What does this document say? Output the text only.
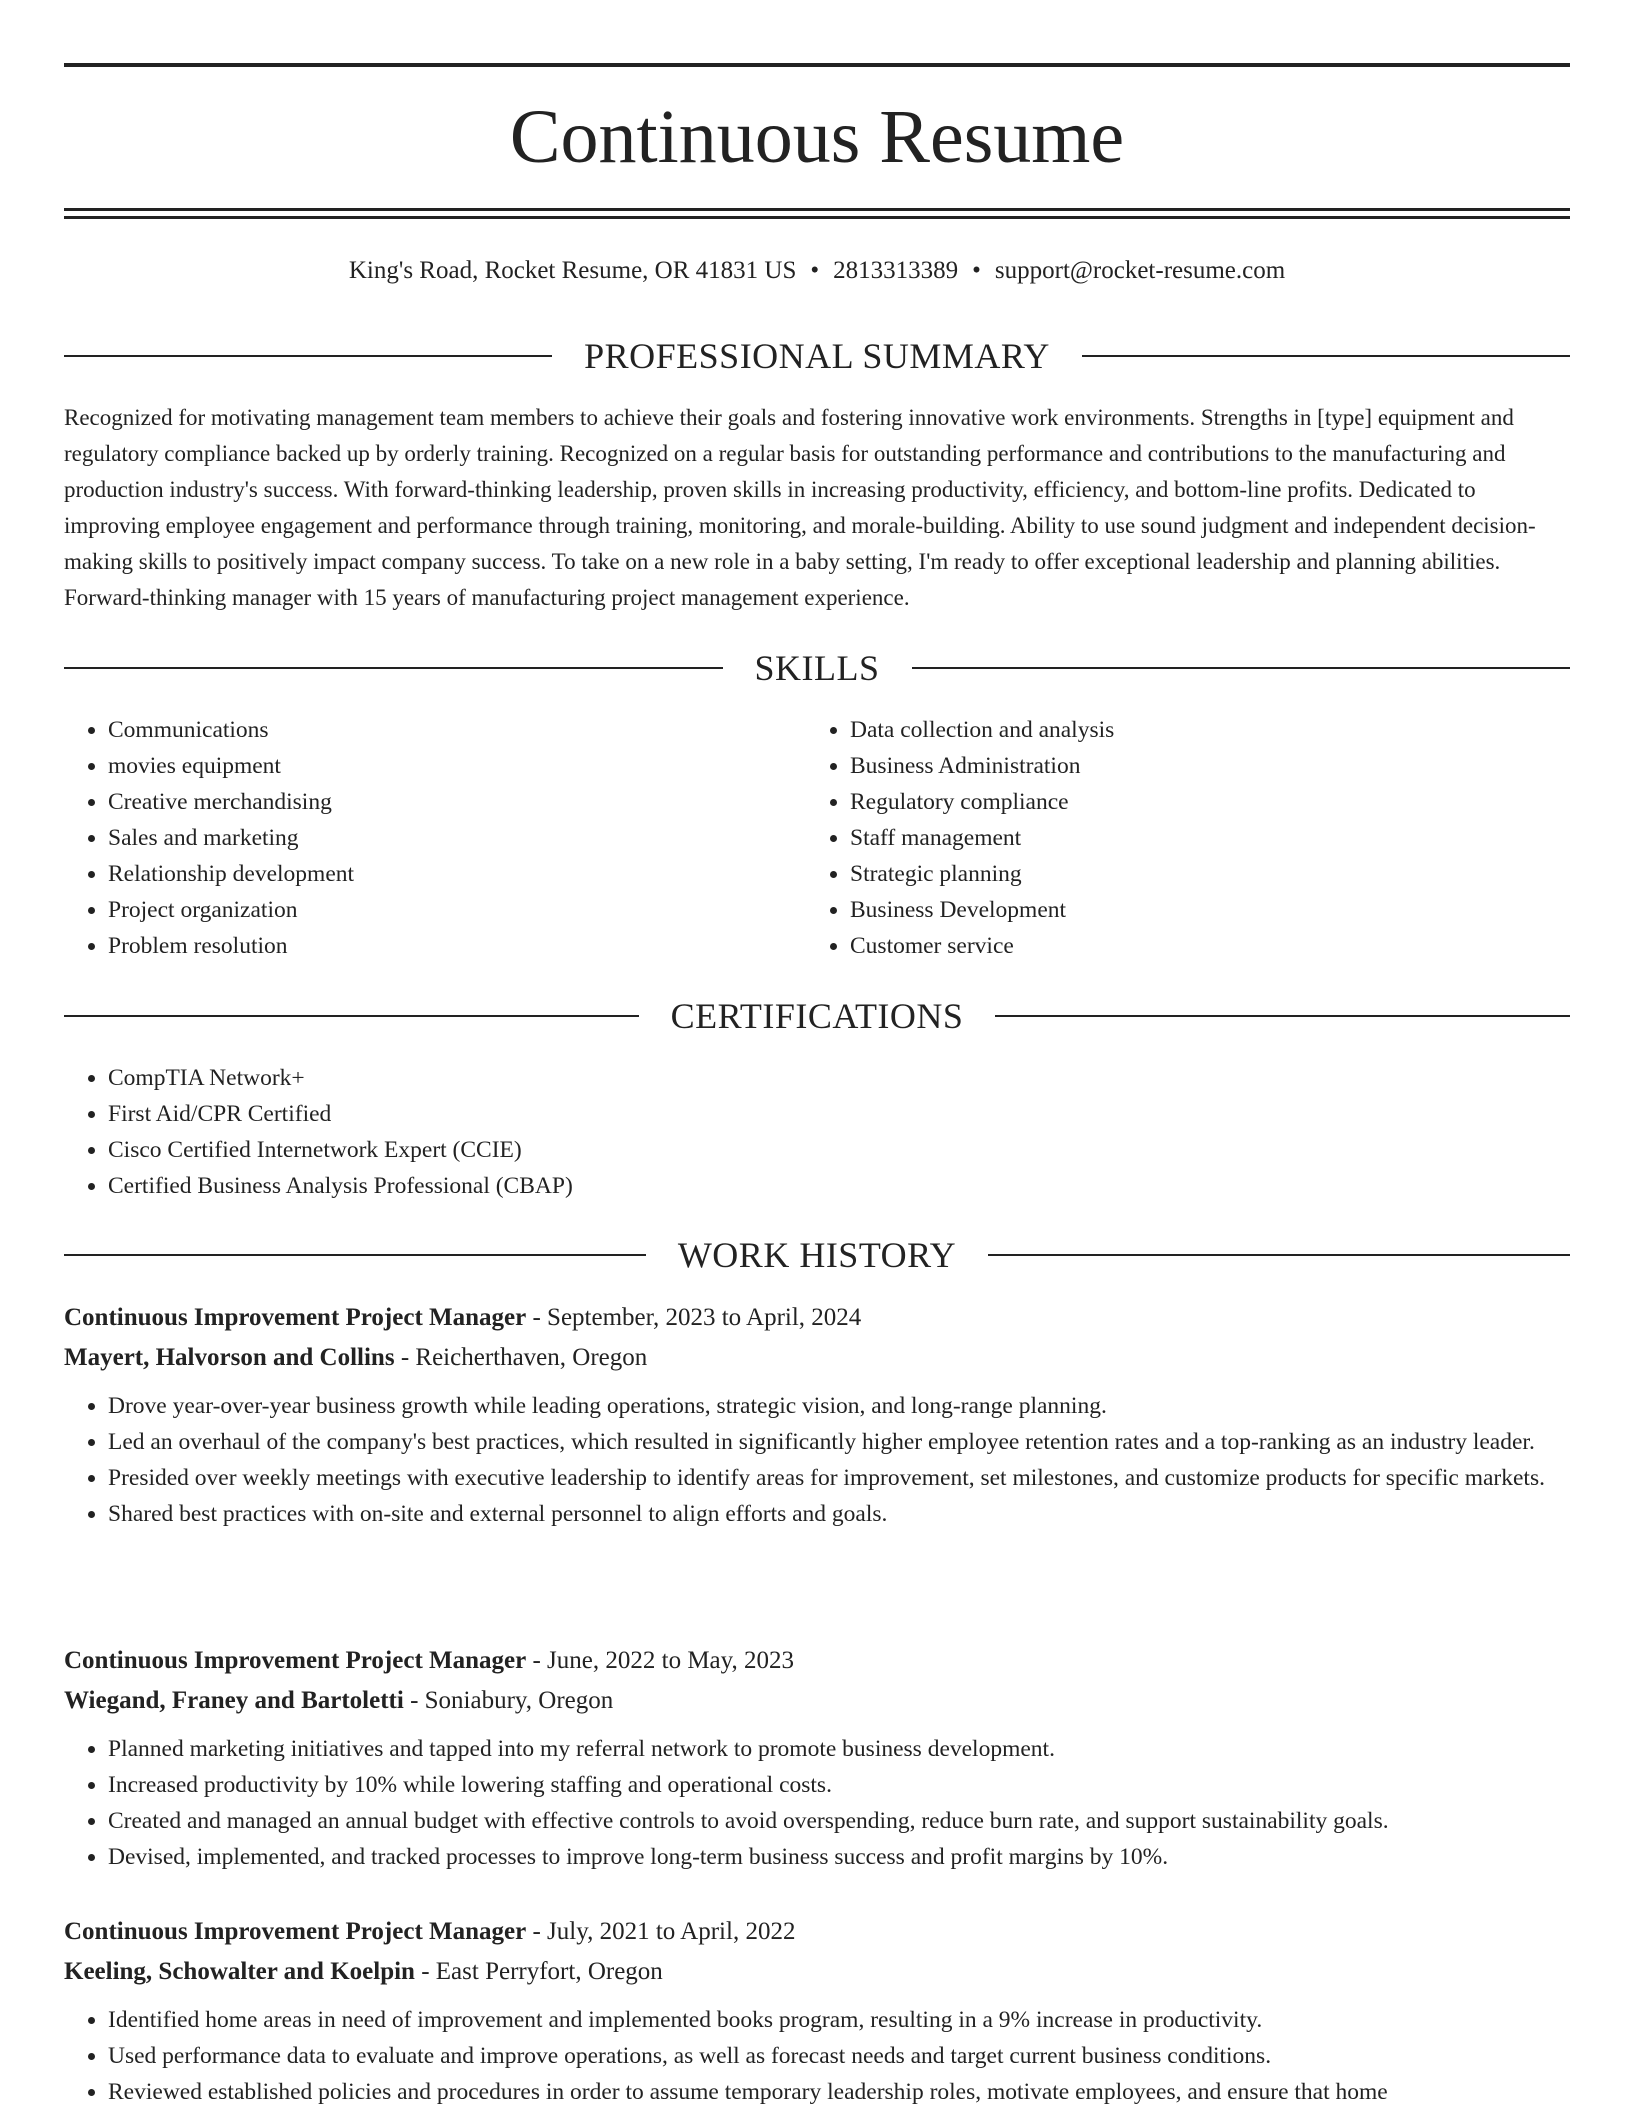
Continuous Resume
King's Road, Rocket Resume, OR 41831 US • 2813313389 • support@rocket-resume.com
PROFESSIONAL SUMMARY

Recognized for motivating management team members to achieve their goals and fostering innovative work environments. Strengths in [type] equipment and regulatory compliance backed up by orderly training. Recognized on a regular basis for outstanding performance and contributions to the manufacturing and production industry's success. With forward-thinking leadership, proven skills in increasing productivity, efficiency, and bottom-line profits. Dedicated to improving employee engagement and performance through training, monitoring, and morale-building. Ability to use sound judgment and independent decision-making skills to positively impact company success. To take on a new role in a baby setting, I'm ready to offer exceptional leadership and planning abilities. Forward-thinking manager with 15 years of manufacturing project management experience.

SKILLS
• Communications
• movies equipment
• Creative merchandising
• Sales and marketing
• Relationship development
• Project organization
• Problem resolution
• Data collection and analysis
• Business Administration
• Regulatory compliance
• Staff management
• Strategic planning
• Business Development
• Customer service
CERTIFICATIONS
• CompTIA Network+
• First Aid/CPR Certified
• Cisco Certified Internetwork Expert (CCIE)
• Certified Business Analysis Professional (CBAP)
WORK HISTORY
Continuous Improvement Project Manager - September, 2023 to April, 2024
Mayert, Halvorson and Collins - Reicherthaven, Oregon
• Drove year-over-year business growth while leading operations, strategic vision, and long-range planning.
• Led an overhaul of the company's best practices, which resulted in significantly higher employee retention rates and a top-ranking as an industry leader.
• Presided over weekly meetings with executive leadership to identify areas for improvement, set milestones, and customize products for specific markets.
• Shared best practices with on-site and external personnel to align efforts and goals.
Continuous Improvement Project Manager - June, 2022 to May, 2023
Wiegand, Franey and Bartoletti - Soniabury, Oregon
• Planned marketing initiatives and tapped into my referral network to promote business development.
• Increased productivity by 10% while lowering staffing and operational costs.
• Created and managed an annual budget with effective controls to avoid overspending, reduce burn rate, and support sustainability goals.
• Devised, implemented, and tracked processes to improve long-term business success and profit margins by 10%.
Continuous Improvement Project Manager - July, 2021 to April, 2022
Keeling, Schowalter and Koelpin - East Perryfort, Oregon
• Identified home areas in need of improvement and implemented books program, resulting in a 9% increase in productivity.
• Used performance data to evaluate and improve operations, as well as forecast needs and target current business conditions.
• Reviewed established policies and procedures in order to assume temporary leadership roles, motivate employees, and ensure that home
